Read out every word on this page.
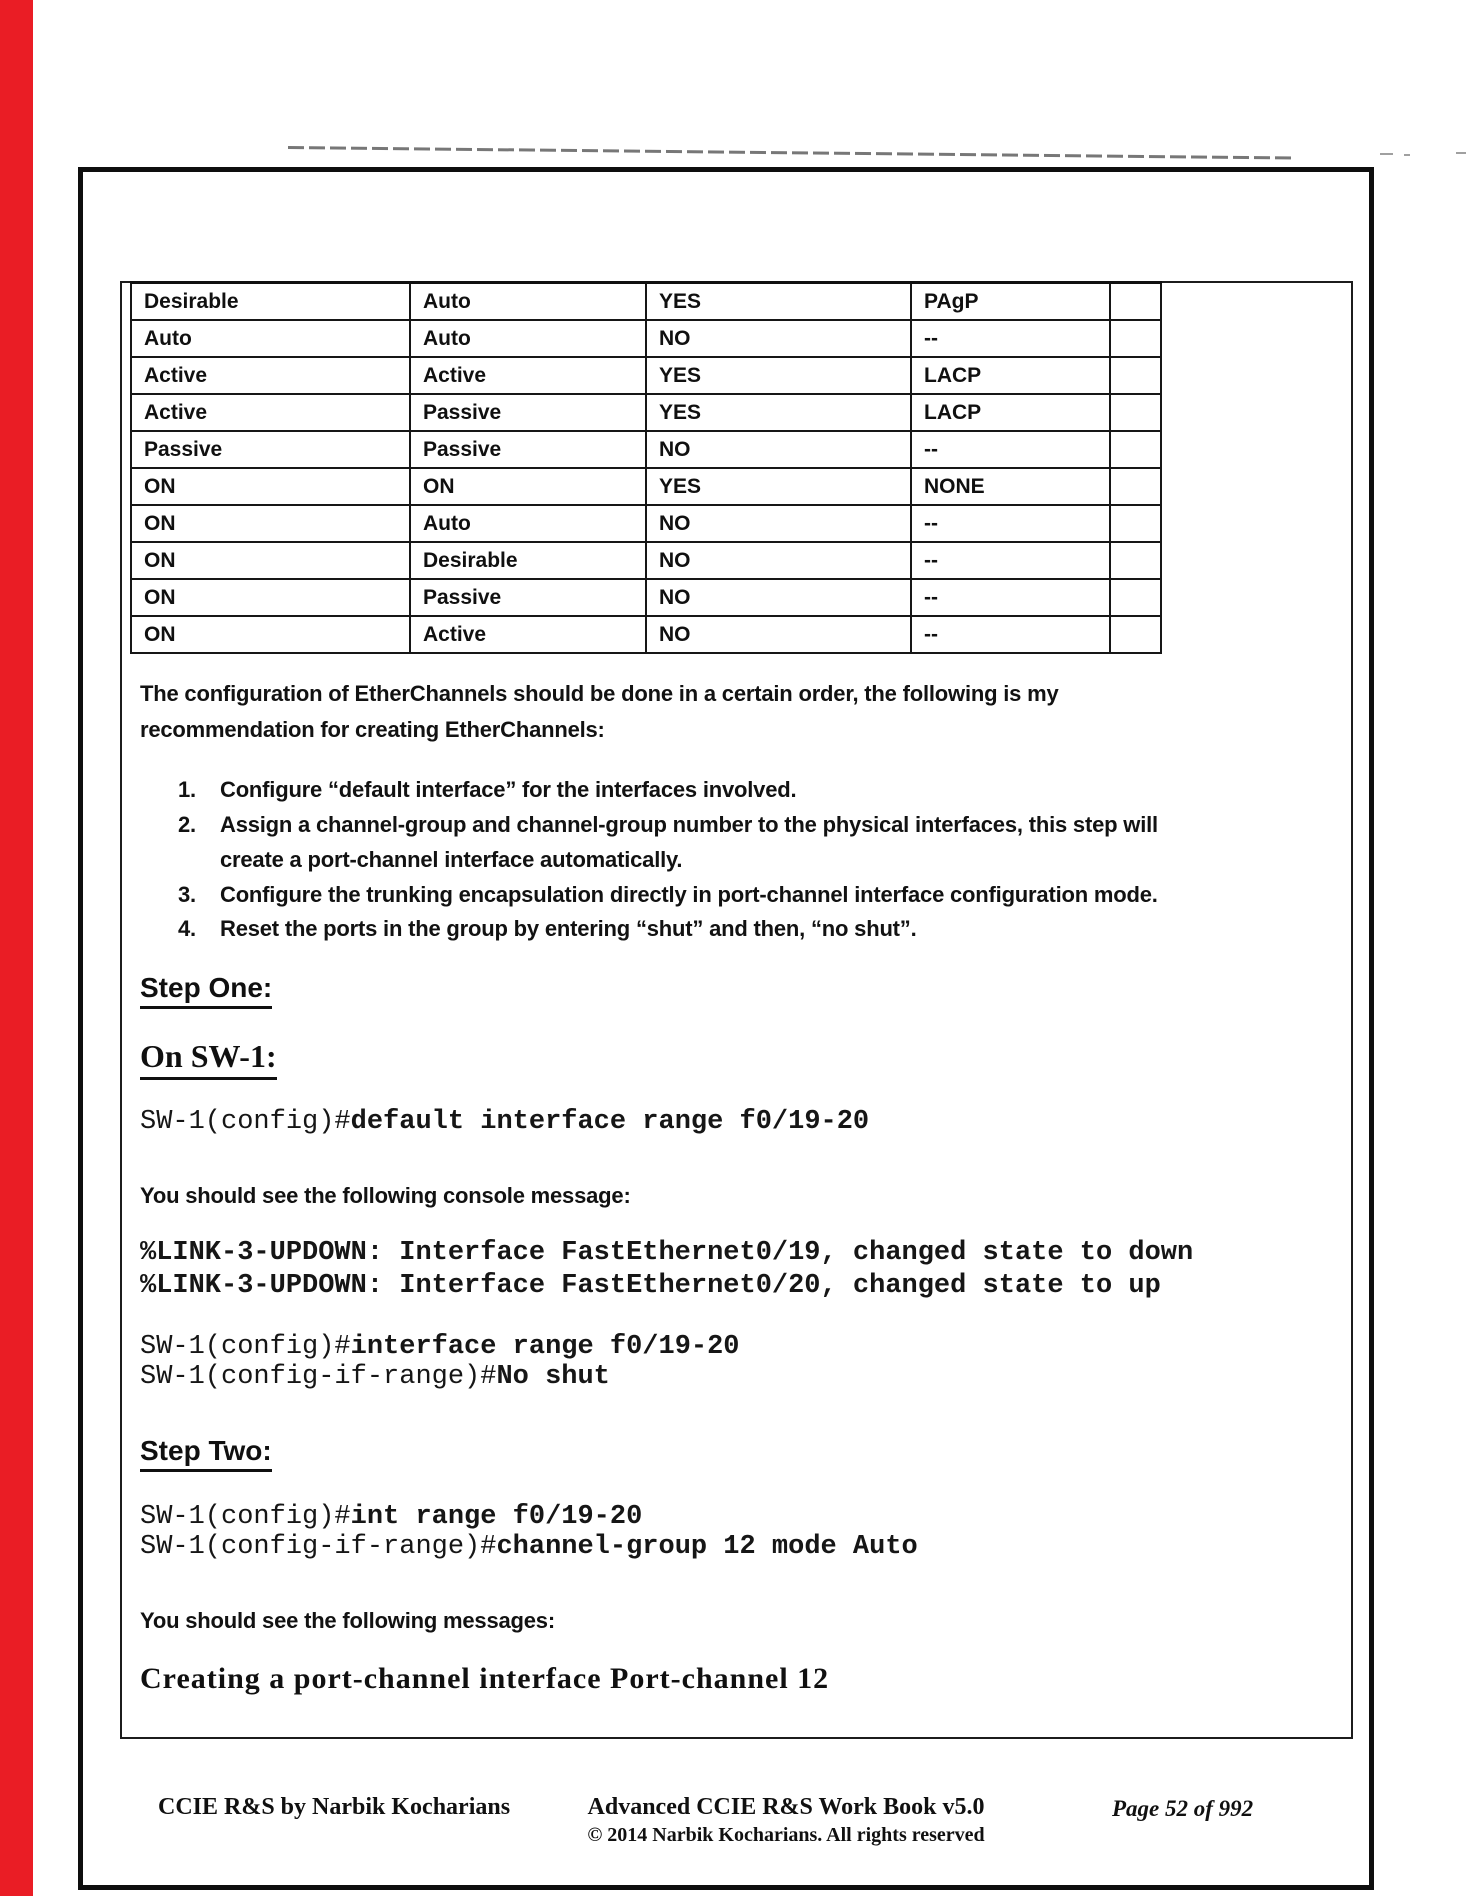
Desirable	Auto	YES	PAgP	
Auto	Auto	NO	--	
Active	Active	YES	LACP	
Active	Passive	YES	LACP	
Passive	Passive	NO	--	
ON	ON	YES	NONE	
ON	Auto	NO	--	
ON	Desirable	NO	--	
ON	Passive	NO	--	
ON	Active	NO	--	
The configuration of EtherChannels should be done in a certain order, the following is my
recommendation for creating EtherChannels:
1. Configure “default interface” for the interfaces involved.
2. Assign a channel-group and channel-group number to the physical interfaces, this step will
create a port-channel interface automatically.
3. Configure the trunking encapsulation directly in port-channel interface configuration mode.
4. Reset the ports in the group by entering “shut” and then, “no shut”.
Step One:
On SW-1:
SW-1(config)#default interface range f0/19-20
You should see the following console message:
%LINK-3-UPDOWN: Interface FastEthernet0/19, changed state to down
%LINK-3-UPDOWN: Interface FastEthernet0/20, changed state to up
SW-1(config)#interface range f0/19-20
SW-1(config-if-range)#No shut
Step Two:
SW-1(config)#int range f0/19-20
SW-1(config-if-range)#channel-group 12 mode Auto
You should see the following messages:
Creating a port-channel interface Port-channel 12
CCIE R&S by Narbik Kocharians	Advanced CCIE R&S Work Book v5.0
© 2014 Narbik Kocharians. All rights reserved
Page 52 of 992
